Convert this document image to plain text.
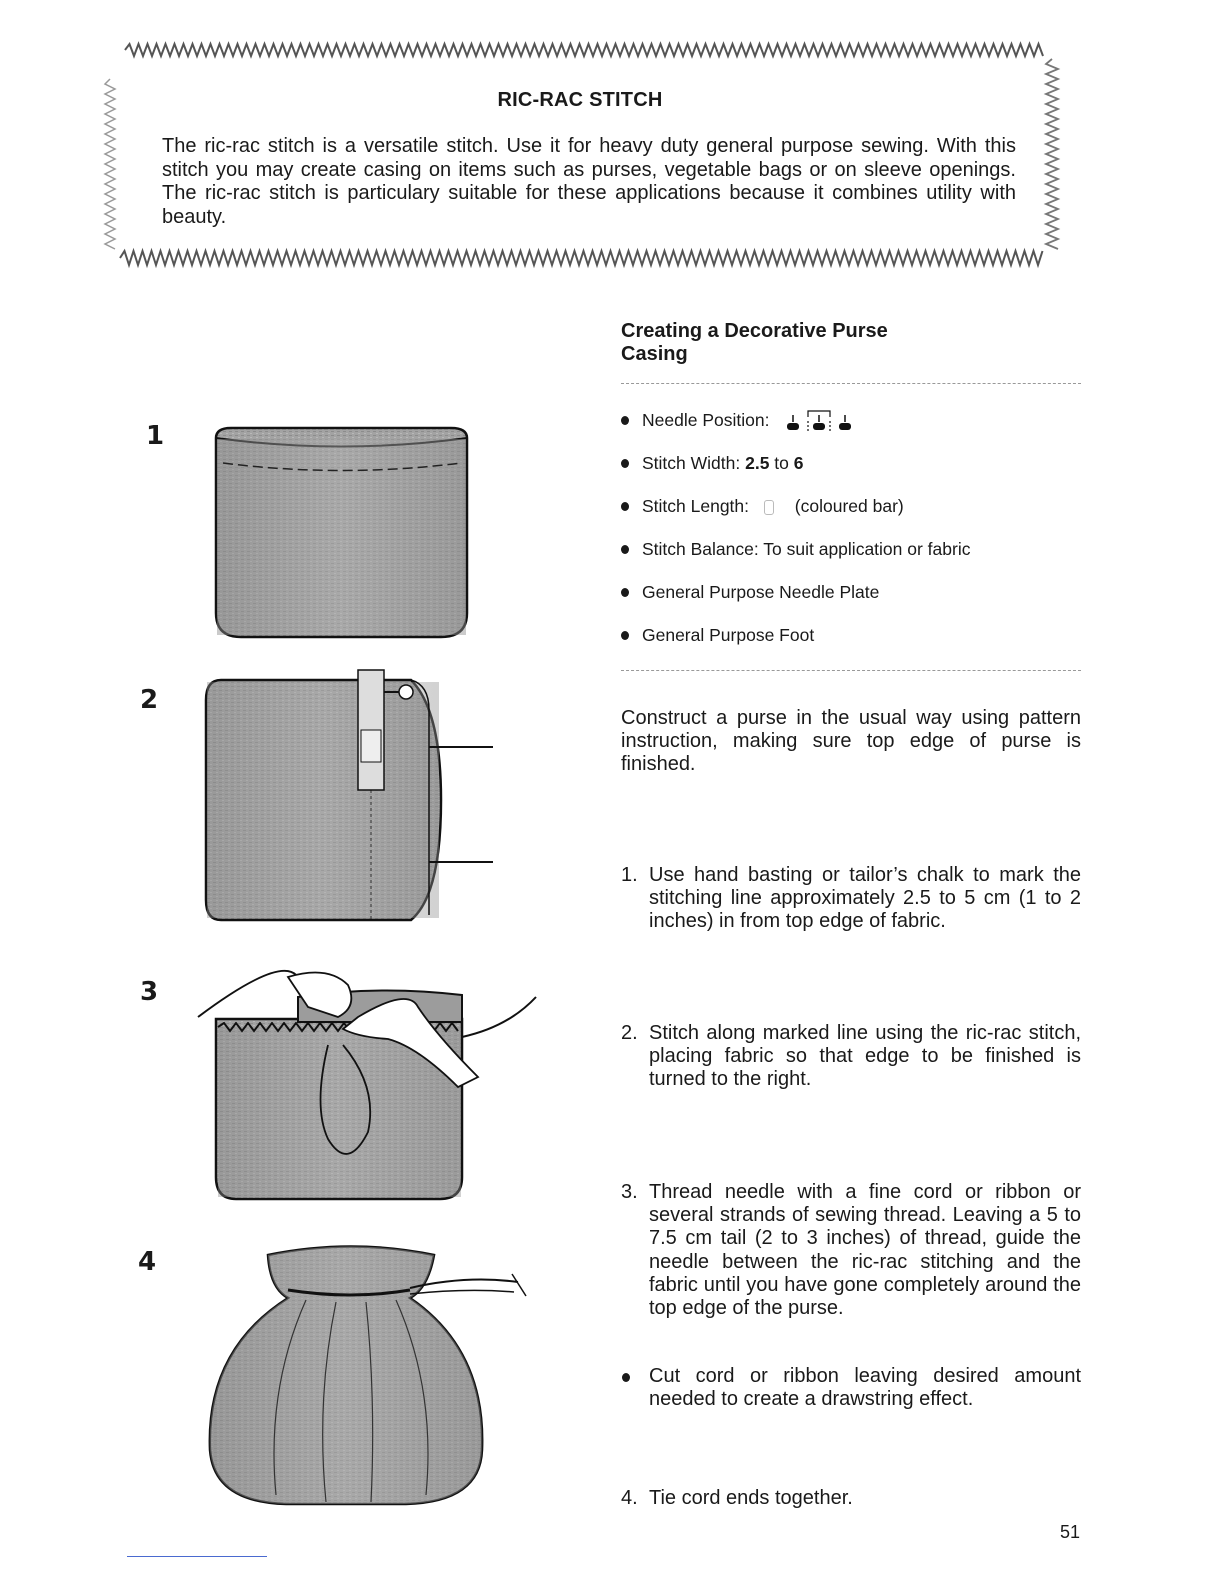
RIC-RAC STITCH
The ric-rac stitch is a versatile stitch. Use it for heavy duty general purpose sewing. With this stitch you may create casing on items such as purses, vegetable bags or on sleeve openings. The ric-rac stitch is particulary suitable for these applications because it combines utility with beauty.
1
2
3
4
Creating a Decorative Purse Casing
Needle Position:
Stitch Width: 2.5 to 6
Stitch Length:	(coloured bar)
Stitch Balance: To suit application or fabric
General Purpose Needle Plate
General Purpose Foot
Construct a purse in the usual way using pattern instruction, making sure top edge of purse is finished.
1. Use hand basting or tailor’s chalk to mark the stitching line approximately 2.5 to 5 cm (1 to 2 inches) in from top edge of fabric.
2. Stitch along marked line using the ric-rac stitch, placing fabric so that edge to be finished is turned to the right.
3. Thread needle with a fine cord or ribbon or several strands of sewing thread. Leaving a 5 to 7.5 cm tail (2 to 3 inches) of thread, guide the needle between the ric-rac stitching and the fabric until you have gone completely around the top edge of the purse.
Cut cord or ribbon leaving desired amount needed to create a drawstring effect.
4. Tie cord ends together.
51
